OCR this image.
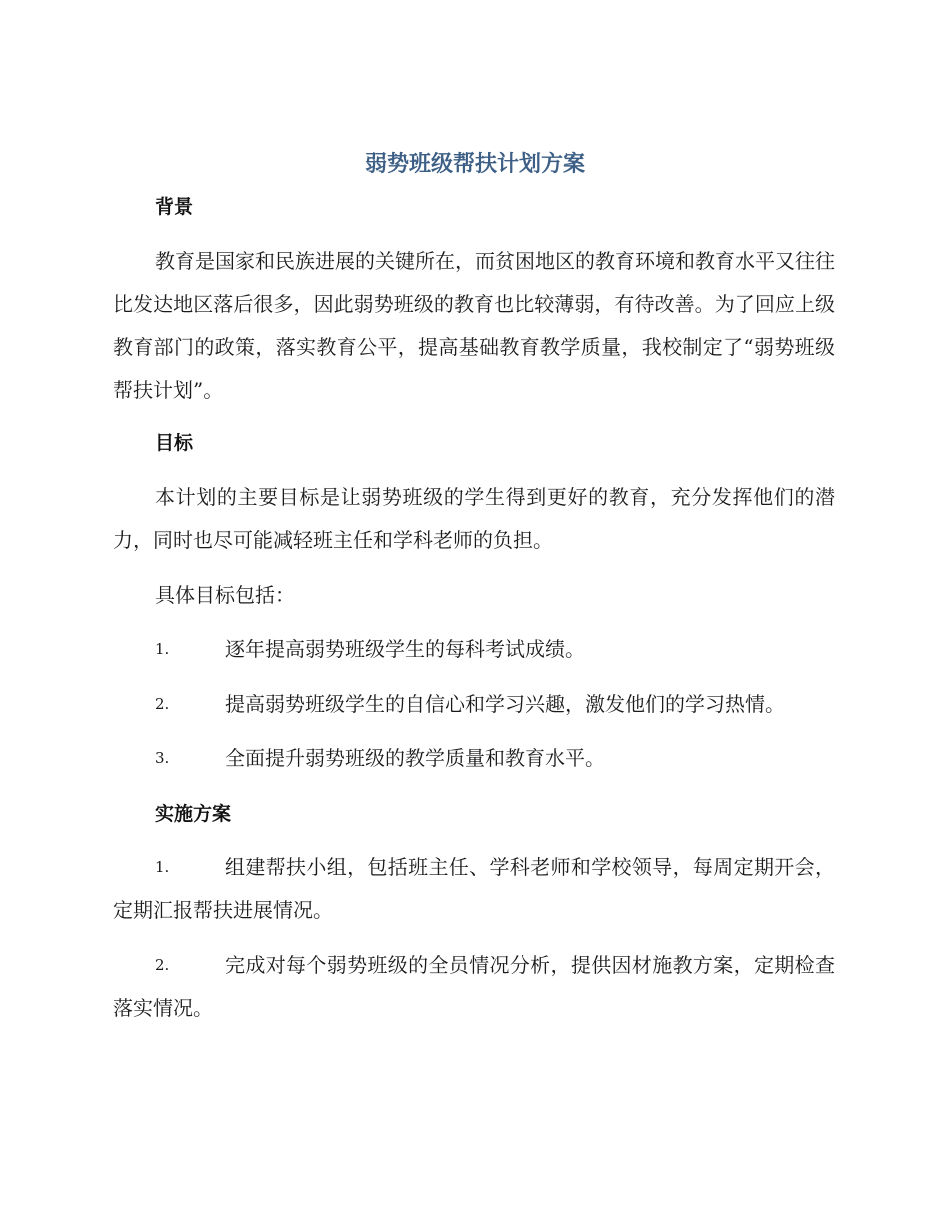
弱势班级帮扶计划方案
背景

教育是国家和民族进展的关键所在，而贫困地区的教育环境和教育水平又往往比发达地区落后很多，因此弱势班级的教育也比较薄弱，有待改善。为了回应上级教育部门的政策，落实教育公平，提高基础教育教学质量，我校制定了“弱势班级帮扶计划”。

目标

本计划的主要目标是让弱势班级的学生得到更好的教育，充分发挥他们的潜力，同时也尽可能减轻班主任和学科老师的负担。

具体目标包括：

1.	逐年提高弱势班级学生的每科考试成绩。
2.	提高弱势班级学生的自信心和学习兴趣，激发他们的学习热情。
3.	全面提升弱势班级的教学质量和教育水平。
实施方案
1.	组建帮扶小组，包括班主任、学科老师和学校领导，每周定期开会，定期汇报帮扶进展情况。
2.	完成对每个弱势班级的全员情况分析，提供因材施教方案，定期检查落实情况。
